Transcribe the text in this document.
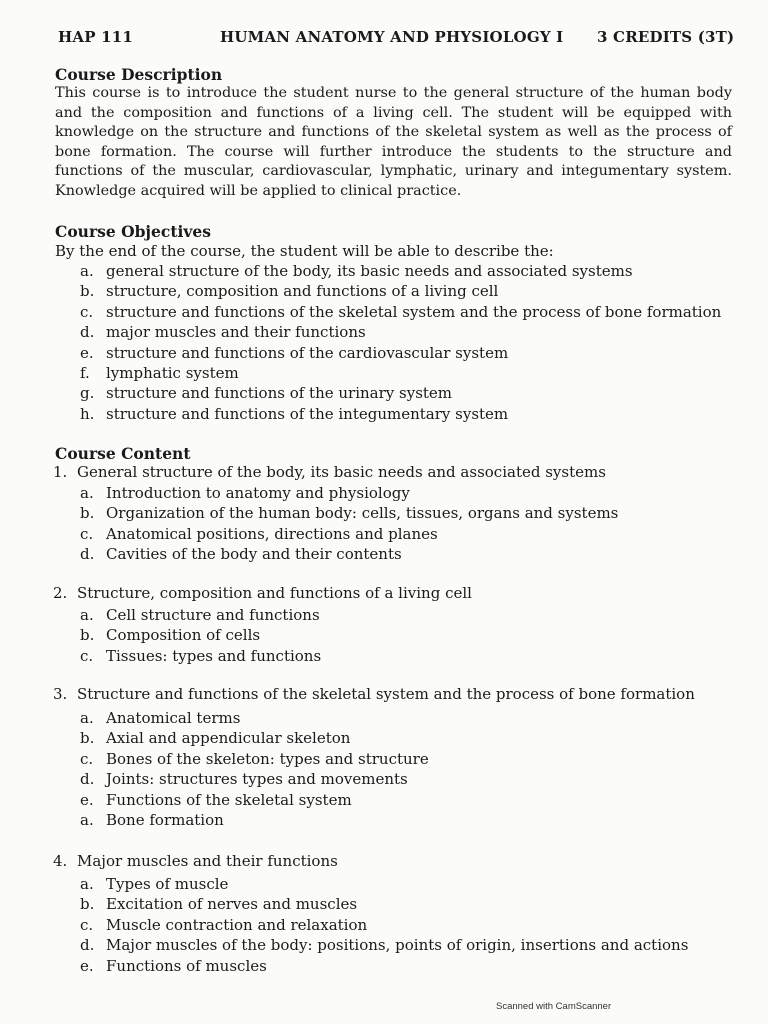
HAP 111	HUMAN ANATOMY AND PHYSIOLOGY I 3 CREDITS (3T)
Course Description

This course is to introduce the student nurse to the general structure of the human body and the composition and functions of a living cell. The student will be equipped with knowledge on the structure and functions of the skeletal system as well as the process of bone formation. The course will further introduce the students to the structure and functions of the muscular, cardiovascular, lymphatic, urinary and integumentary system. Knowledge acquired will be applied to clinical practice.

Course Objectives
By the end of the course, the student will be able to describe the:
a. general structure of the body, its basic needs and associated systems
b. structure, composition and functions of a living cell
c. structure and functions of the skeletal system and the process of bone formation
d. major muscles and their functions
e. structure and functions of the cardiovascular system
f.	lymphatic system
g. structure and functions of the urinary system
h. structure and functions of the integumentary system
Course Content
1. General structure of the body, its basic needs and associated systems
a. Introduction to anatomy and physiology
b. Organization of the human body: cells, tissues, organs and systems
c. Anatomical positions, directions and planes
d. Cavities of the body and their contents
2. Structure, composition and functions of a living cell
a. Cell structure and functions
b. Composition of cells
c. Tissues: types and functions
3. Structure and functions of the skeletal system and the process of bone formation
a. Anatomical terms
b. Axial and appendicular skeleton
c. Bones of the skeleton: types and structure
d. Joints: structures types and movements
e. Functions of the skeletal system
a. Bone formation
4. Major muscles and their functions
a. Types of muscle
b. Excitation of nerves and muscles
c. Muscle contraction and relaxation
d. Major muscles of the body: positions, points of origin, insertions and actions
e. Functions of muscles
Scanned with CamScanner
